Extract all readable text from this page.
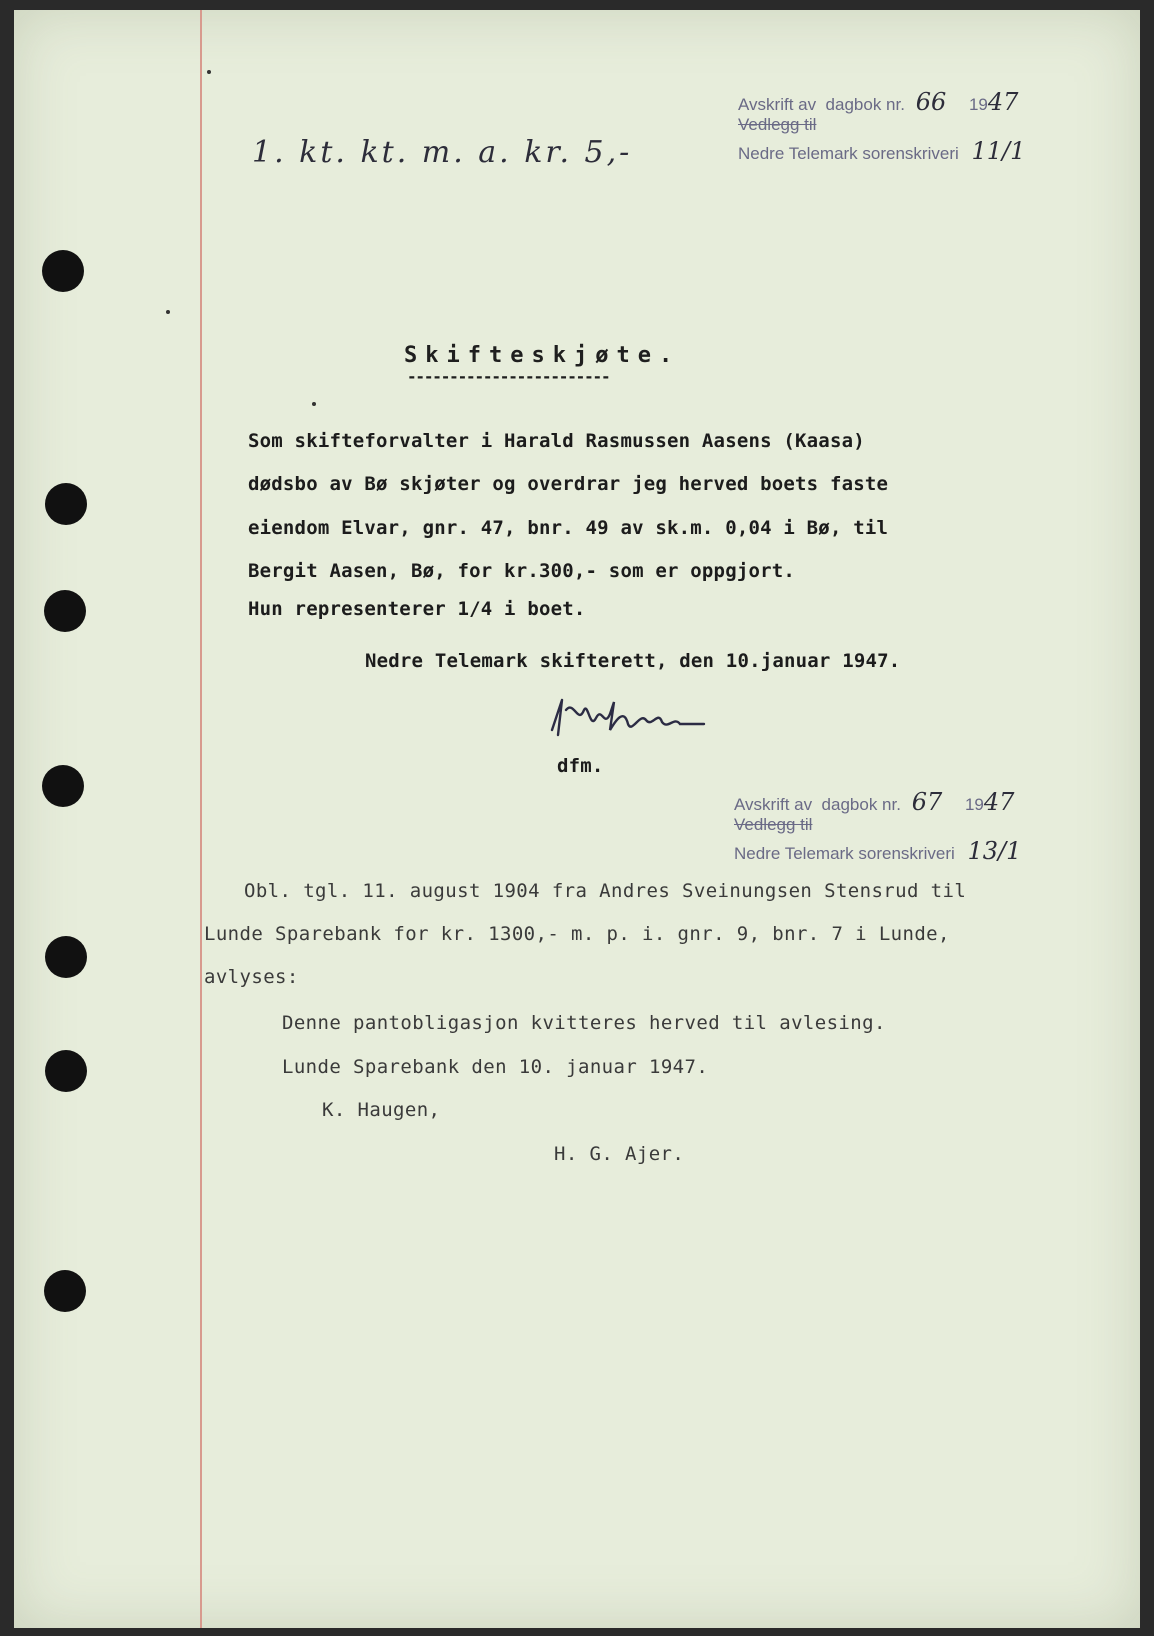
1. kt. kt. m. a. kr. 5,-
Avskrift av dagbok nr. 66 1947
Vedlegg til
Nedre Telemark sorenskriveri 11/1
Skifteskjøte.
------------------------
Som skifteforvalter i Harald Rasmussen Aasens (Kaasa)
dødsbo av Bø skjøter og overdrar jeg herved boets faste
eiendom Elvar, gnr. 47, bnr. 49 av sk.m. 0,04 i Bø, til
Bergit Aasen, Bø, for kr.300,- som er oppgjort.
Hun representerer 1/4 i boet.
Nedre Telemark skifterett, den 10.januar 1947.
dfm.
Avskrift av dagbok nr. 67 1947
Vedlegg til
Nedre Telemark sorenskriveri 13/1
Obl. tgl. 11. august 1904 fra Andres Sveinungsen Stensrud til
Lunde Sparebank for kr. 1300,- m. p. i. gnr. 9, bnr. 7 i Lunde,
avlyses:
Denne pantobligasjon kvitteres herved til avlesing.
Lunde Sparebank den 10. januar 1947.
K. Haugen,
H. G. Ajer.
